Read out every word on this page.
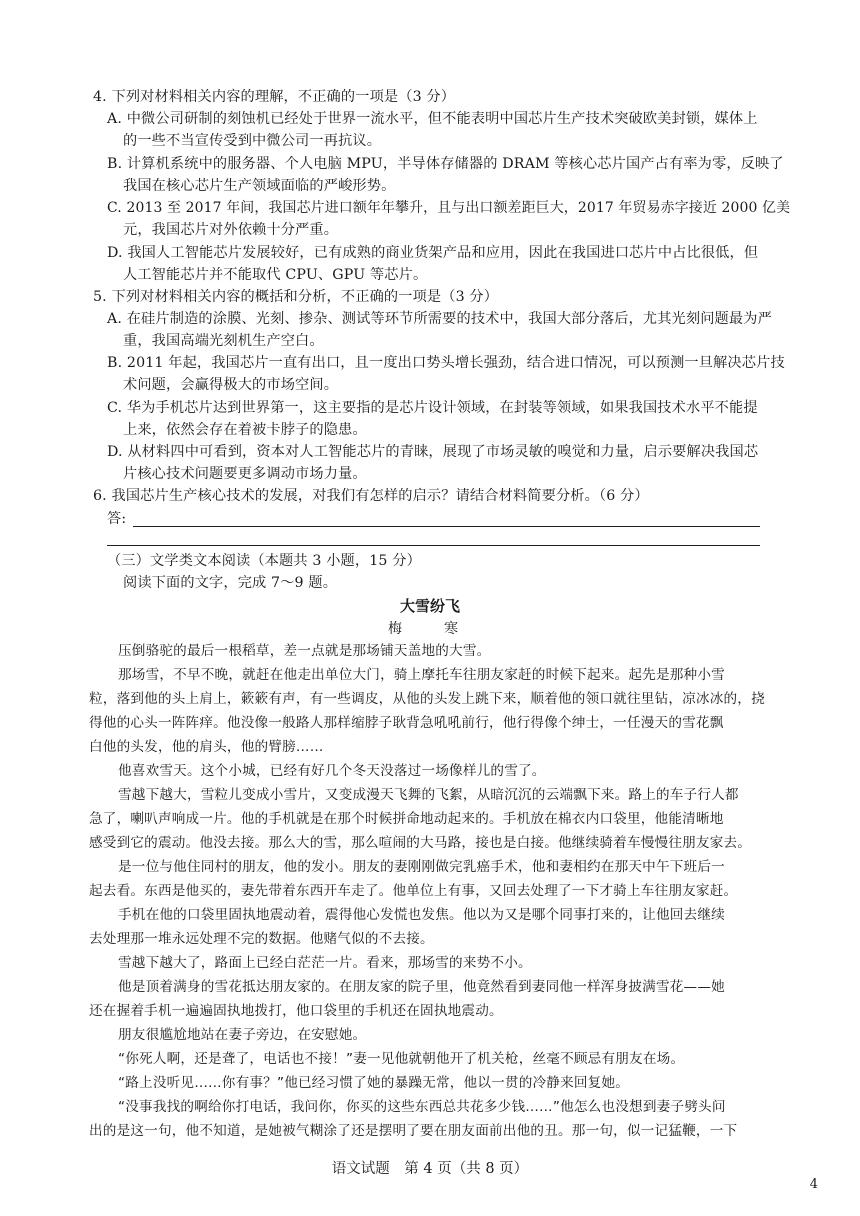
4. 下列对材料相关内容的理解，不正确的一项是（3 分）
A. 中微公司研制的刻蚀机已经处于世界一流水平，但不能表明中国芯片生产技术突破欧美封锁，媒体上
的一些不当宣传受到中微公司一再抗议。
B. 计算机系统中的服务器、个人电脑 MPU，半导体存储器的 DRAM 等核心芯片国产占有率为零，反映了
我国在核心芯片生产领域面临的严峻形势。
C. 2013 至 2017 年间，我国芯片进口额年年攀升，且与出口额差距巨大，2017 年贸易赤字接近 2000 亿美
元，我国芯片对外依赖十分严重。
D. 我国人工智能芯片发展较好，已有成熟的商业货架产品和应用，因此在我国进口芯片中占比很低，但
人工智能芯片并不能取代 CPU、GPU 等芯片。
5. 下列对材料相关内容的概括和分析，不正确的一项是（3 分）
A. 在硅片制造的涂膜、光刻、掺杂、测试等环节所需要的技术中，我国大部分落后，尤其光刻问题最为严
重，我国高端光刻机生产空白。
B. 2011 年起，我国芯片一直有出口，且一度出口势头增长强劲，结合进口情况，可以预测一旦解决芯片技
术问题，会赢得极大的市场空间。
C. 华为手机芯片达到世界第一，这主要指的是芯片设计领域，在封装等领域，如果我国技术水平不能提
上来，依然会存在着被卡脖子的隐患。
D. 从材料四中可看到，资本对人工智能芯片的青睐，展现了市场灵敏的嗅觉和力量，启示要解决我国芯
片核心技术问题要更多调动市场力量。
6. 我国芯片生产核心技术的发展，对我们有怎样的启示？请结合材料简要分析。（6 分）
答:
（三）文学类文本阅读（本题共 3 小题，15 分）
阅读下面的文字，完成 7～9 题。
大雪纷飞
梅　寒
压倒骆驼的最后一根稻草，差一点就是那场铺天盖地的大雪。
那场雪，不早不晚，就赶在他走出单位大门，骑上摩托车往朋友家赶的时候下起来。起先是那种小雪
粒，落到他的头上肩上，簌簌有声，有一些调皮，从他的头发上跳下来，顺着他的领口就往里钻，凉冰冰的，挠
得他的心头一阵阵痒。他没像一般路人那样缩脖子耿背急吼吼前行，他行得像个绅士，一任漫天的雪花飘
白他的头发，他的肩头，他的臂膀……
他喜欢雪天。这个小城，已经有好几个冬天没落过一场像样儿的雪了。
雪越下越大，雪粒儿变成小雪片，又变成漫天飞舞的飞絮，从暗沉沉的云端飘下来。路上的车子行人都
急了，喇叭声响成一片。他的手机就是在那个时候拼命地动起来的。手机放在棉衣内口袋里，他能清晰地
感受到它的震动。他没去接。那么大的雪，那么喧闹的大马路，接也是白接。他继续骑着车慢慢往朋友家去。
是一位与他住同村的朋友，他的发小。朋友的妻刚刚做完乳癌手术，他和妻相约在那天中午下班后一
起去看。东西是他买的，妻先带着东西开车走了。他单位上有事，又回去处理了一下才骑上车往朋友家赶。
手机在他的口袋里固执地震动着，震得他心发慌也发焦。他以为又是哪个同事打来的，让他回去继续
去处理那一堆永远处理不完的数据。他赌气似的不去接。
雪越下越大了，路面上已经白茫茫一片。看来，那场雪的来势不小。
他是顶着满身的雪花抵达朋友家的。在朋友家的院子里，他竟然看到妻同他一样浑身披满雪花——她
还在握着手机一遍遍固执地拨打，他口袋里的手机还在固执地震动。
朋友很尴尬地站在妻子旁边，在安慰她。
“你死人啊，还是聋了，电话也不接！”妻一见他就朝他开了机关枪，丝毫不顾忌有朋友在场。
“路上没听见……你有事？”他已经习惯了她的暴躁无常，他以一贯的冷静来回复她。
“没事我找的啊给你打电话，我问你，你买的这些东西总共花多少钱……”他怎么也没想到妻子劈头问
出的是这一句，他不知道，是她被气糊涂了还是摆明了要在朋友面前出他的丑。那一句，似一记猛鞭，一下
语文试题　第 4 页（共 8 页）
4
